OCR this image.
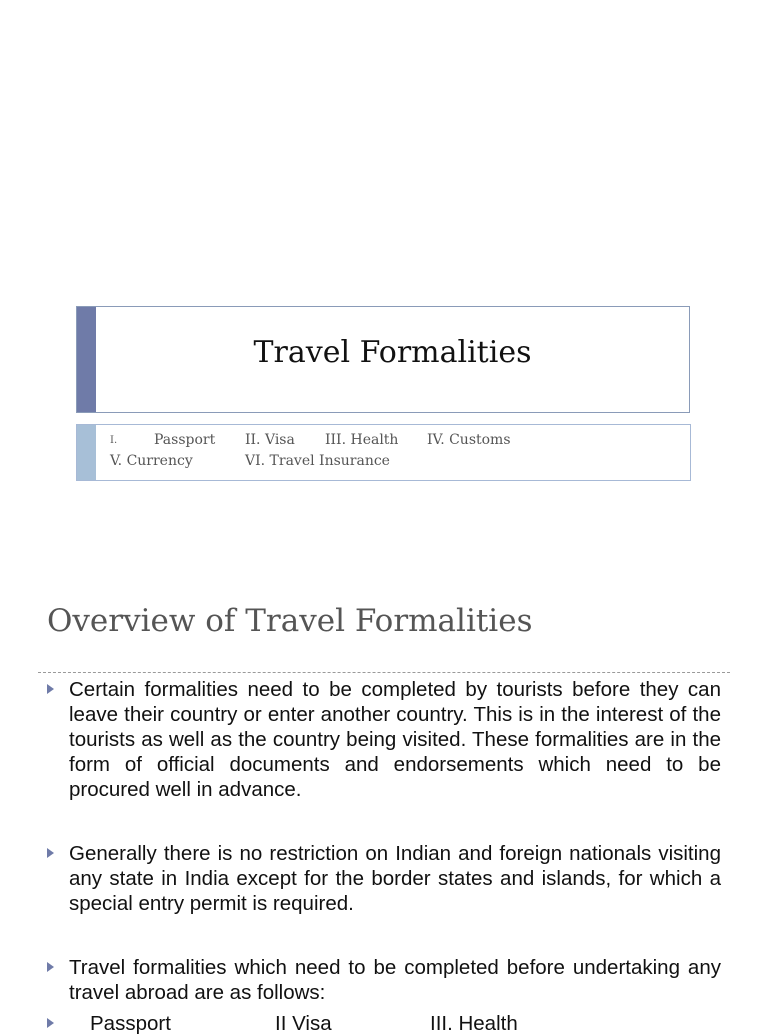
Travel Formalities
I.	Passport II. Visa III. Health IV. Customs
V. Currency	VI. Travel Insurance
Overview of Travel Formalities
Certain formalities need to be completed by tourists before they can leave their country or enter another country. This is in the interest of the tourists as well as the country being visited. These formalities are in the form of official documents and endorsements which need to be procured well in advance.
Generally there is no restriction on Indian and foreign nationals visiting any state in India except for the border states and islands, for which a special entry permit is required.
Travel formalities which need to be completed before undertaking any travel abroad are as follows:
Passport	II Visa	III. Health
